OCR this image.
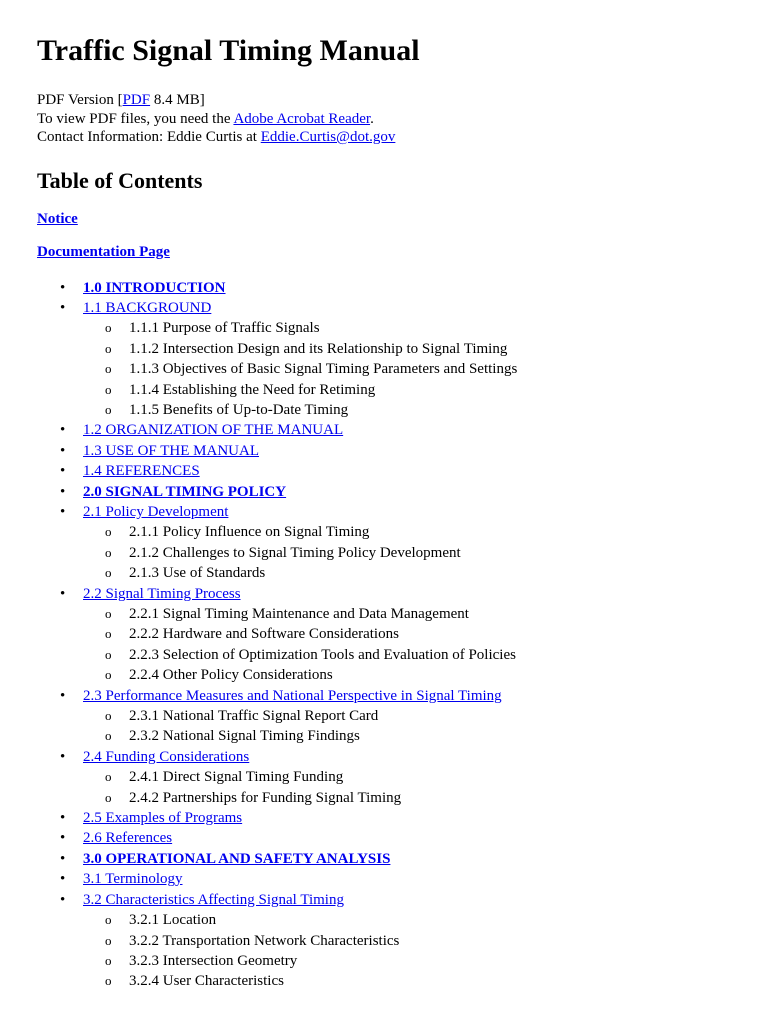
Traffic Signal Timing Manual
PDF Version [PDF 8.4 MB]
To view PDF files, you need the Adobe Acrobat Reader.
Contact Information: Eddie Curtis at Eddie.Curtis@dot.gov
Table of Contents
Notice
Documentation Page
• 1.0 INTRODUCTION
• 1.1 BACKGROUND
o 1.1.1 Purpose of Traffic Signals
o 1.1.2 Intersection Design and its Relationship to Signal Timing
o 1.1.3 Objectives of Basic Signal Timing Parameters and Settings
o 1.1.4 Establishing the Need for Retiming
o 1.1.5 Benefits of Up-to-Date Timing
• 1.2 ORGANIZATION OF THE MANUAL
• 1.3 USE OF THE MANUAL
• 1.4 REFERENCES
• 2.0 SIGNAL TIMING POLICY
• 2.1 Policy Development
o 2.1.1 Policy Influence on Signal Timing
o 2.1.2 Challenges to Signal Timing Policy Development
o 2.1.3 Use of Standards
• 2.2 Signal Timing Process
o 2.2.1 Signal Timing Maintenance and Data Management
o 2.2.2 Hardware and Software Considerations
o 2.2.3 Selection of Optimization Tools and Evaluation of Policies
o 2.2.4 Other Policy Considerations
• 2.3 Performance Measures and National Perspective in Signal Timing
o 2.3.1 National Traffic Signal Report Card
o 2.3.2 National Signal Timing Findings
• 2.4 Funding Considerations
o 2.4.1 Direct Signal Timing Funding
o 2.4.2 Partnerships for Funding Signal Timing
• 2.5 Examples of Programs
• 2.6 References
• 3.0 OPERATIONAL AND SAFETY ANALYSIS
• 3.1 Terminology
• 3.2 Characteristics Affecting Signal Timing
o 3.2.1 Location
o 3.2.2 Transportation Network Characteristics
o 3.2.3 Intersection Geometry
o 3.2.4 User Characteristics
